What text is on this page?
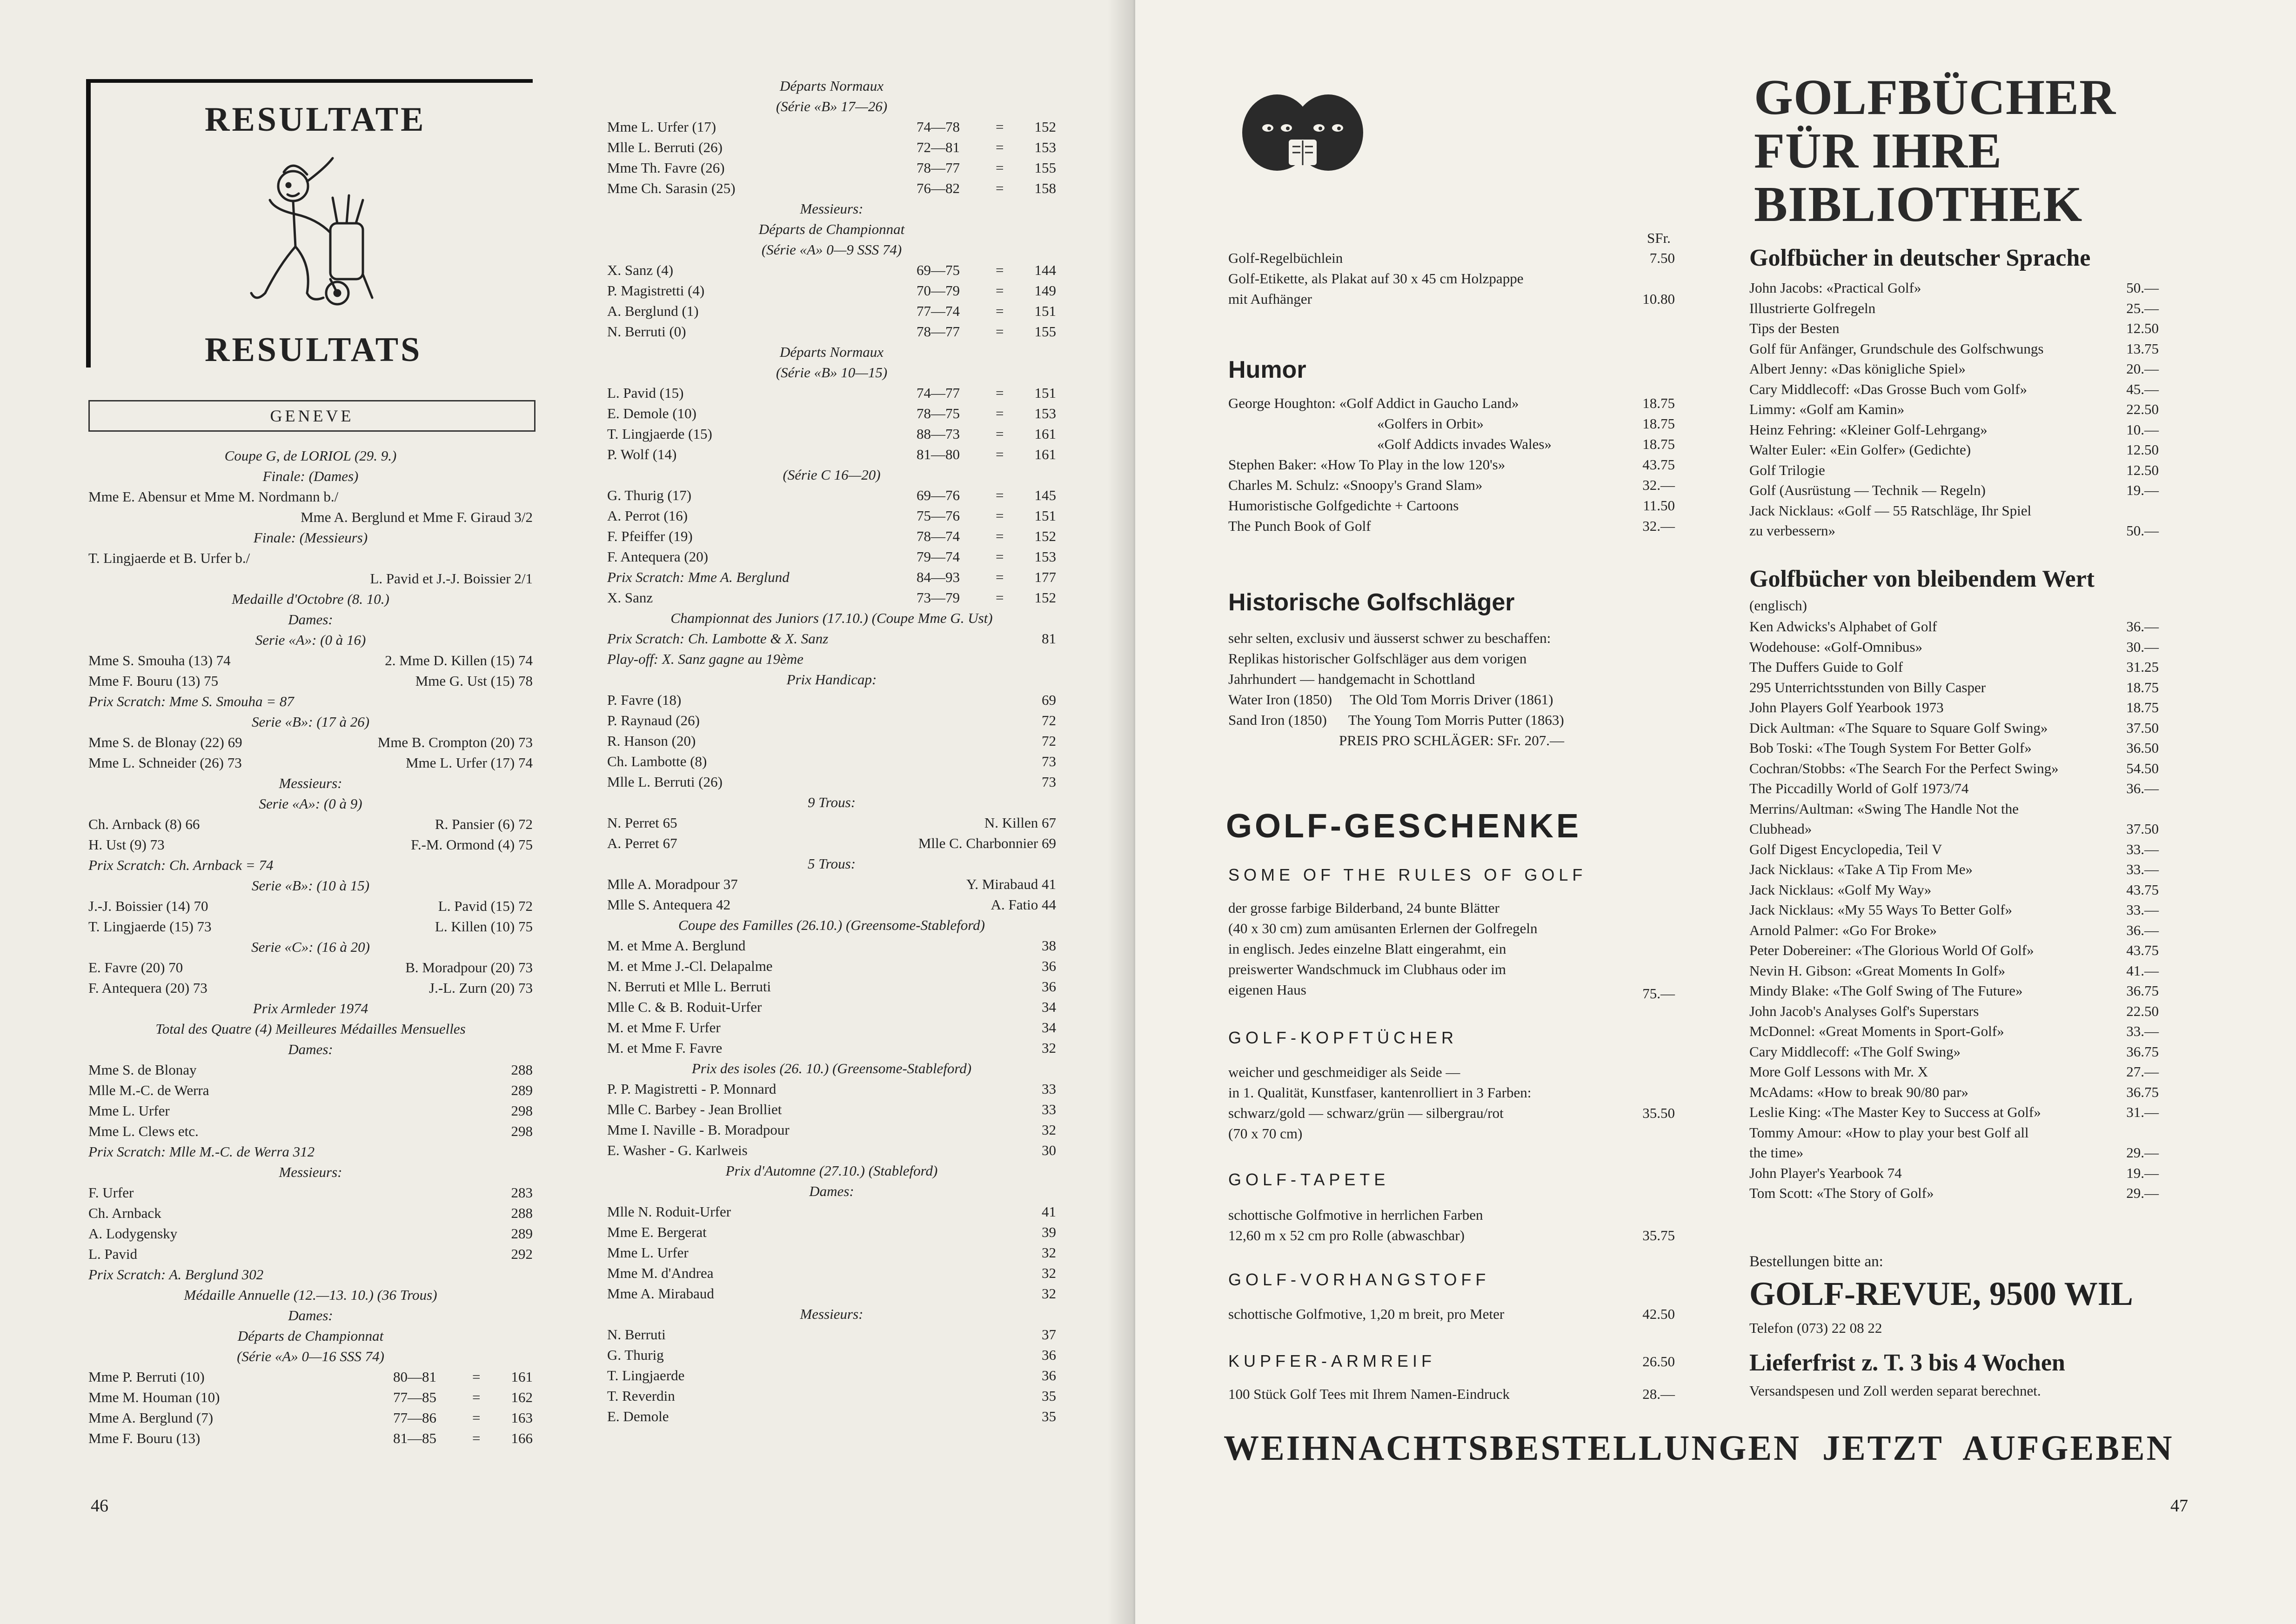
RESULTATE
RESULTATS
GENEVE
Coupe G, de LORIOL (29. 9.)
Finale: (Dames)
Mme E. Abensur et Mme M. Nordmann b./
Mme A. Berglund et Mme F. Giraud 3/2
Finale: (Messieurs)
T. Lingjaerde et B. Urfer b./
L. Pavid et J.-J. Boissier 2/1
Medaille d'Octobre (8. 10.)
Dames:
Serie «A»: (0 à 16)
Mme S. Smouha (13) 74	2. Mme D. Killen (15) 74
Mme F. Bouru (13) 75	Mme G. Ust (15) 78
Prix Scratch: Mme S. Smouha = 87
Serie «B»: (17 à 26)
Mme S. de Blonay (22) 69	Mme B. Crompton (20) 73
Mme L. Schneider (26) 73	Mme L. Urfer (17) 74
Messieurs:
Serie «A»: (0 à 9)
Ch. Arnback (8) 66	R. Pansier (6) 72
H. Ust (9) 73	F.-M. Ormond (4) 75
Prix Scratch: Ch. Arnback = 74
Serie «B»: (10 à 15)
J.-J. Boissier (14) 70	L. Pavid (15) 72
T. Lingjaerde (15) 73	L. Killen (10) 75
Serie «C»: (16 à 20)
E. Favre (20) 70	B. Moradpour (20) 73
F. Antequera (20) 73	J.-L. Zurn (20) 73
Prix Armleder 1974
Total des Quatre (4) Meilleures Médailles Mensuelles
Dames:
Mme S. de Blonay	288
Mlle M.-C. de Werra	289
Mme L. Urfer	298
Mme L. Clews etc.	298
Prix Scratch: Mlle M.-C. de Werra 312
Messieurs:
F. Urfer	283
Ch. Arnback	288
A. Lodygensky	289
L. Pavid	292
Prix Scratch: A. Berglund 302
Médaille Annuelle (12.—13. 10.) (36 Trous)
Dames:
Départs de Championnat
(Série «A» 0—16 SSS 74)
Mme P. Berruti (10)	80—81 = 161
Mme M. Houman (10)	77—85 = 162
Mme A. Berglund (7)	77—86 = 163
Mme F. Bouru (13)	81—85 = 166
Départs Normaux
(Série «B» 17—26)
Mme L. Urfer (17)	74—78 = 152
Mlle L. Berruti (26)	72—81 = 153
Mme Th. Favre (26)	78—77 = 155
Mme Ch. Sarasin (25)	76—82 = 158
Messieurs:
Départs de Championnat
(Série «A» 0—9 SSS 74)
X. Sanz (4)	69—75 = 144
P. Magistretti (4)	70—79 = 149
A. Berglund (1)	77—74 = 151
N. Berruti (0)	78—77 = 155
Départs Normaux
(Série «B» 10—15)
L. Pavid (15)	74—77 = 151
E. Demole (10)	78—75 = 153
T. Lingjaerde (15)	88—73 = 161
P. Wolf (14)	81—80 = 161
(Série C 16—20)
G. Thurig (17)	69—76 = 145
A. Perrot (16)	75—76 = 151
F. Pfeiffer (19)	78—74 = 152
F. Antequera (20)	79—74 = 153
Prix Scratch: Mme A. Berglund	84—93 = 177
X. Sanz	73—79 = 152
Championnat des Juniors (17.10.) (Coupe Mme G. Ust)
Prix Scratch: Ch. Lambotte & X. Sanz	81
Play-off: X. Sanz gagne au 19ème
Prix Handicap:
P. Favre (18)	69
P. Raynaud (26)	72
R. Hanson (20)	72
Ch. Lambotte (8)	73
Mlle L. Berruti (26)	73
9 Trous:
N. Perret 65	N. Killen 67
A. Perret 67	Mlle C. Charbonnier 69
5 Trous:
Mlle A. Moradpour 37	Y. Mirabaud 41
Mlle S. Antequera 42	A. Fatio 44
Coupe des Familles (26.10.) (Greensome-Stableford)
M. et Mme A. Berglund	38
M. et Mme J.-Cl. Delapalme	36
N. Berruti et Mlle L. Berruti	36
Mlle C. & B. Roduit-Urfer	34
M. et Mme F. Urfer	34
M. et Mme F. Favre	32
Prix des isoles (26. 10.) (Greensome-Stableford)
P. P. Magistretti - P. Monnard	33
Mlle C. Barbey - Jean Brolliet	33
Mme I. Naville - B. Moradpour	32
E. Washer - G. Karlweis	30
Prix d'Automne (27.10.) (Stableford)
Dames:
Mlle N. Roduit-Urfer	41
Mme E. Bergerat	39
Mme L. Urfer	32
Mme M. d'Andrea	32
Mme A. Mirabaud	32
Messieurs:
N. Berruti	37
G. Thurig	36
T. Lingjaerde	36
T. Reverdin	35
E. Demole	35
46
SFr.
Golf-Regelbüchlein	7.50
Golf-Etikette, als Plakat auf 30 x 45 cm Holzpappe
mit Aufhänger	10.80
Humor
George Houghton: «Golf Addict in Gaucho Land»	18.75
«Golfers in Orbit»	18.75
«Golf Addicts invades Wales»	18.75
Stephen Baker: «How To Play in the low 120's»	43.75
Charles M. Schulz: «Snoopy's Grand Slam»	32.—
Humoristische Golfgedichte + Cartoons	11.50
The Punch Book of Golf	32.—
Historische Golfschläger
sehr selten, exclusiv und äusserst schwer zu beschaffen:
Replikas historischer Golfschläger aus dem vorigen
Jahrhundert — handgemacht in Schottland
Water Iron (1850)     The Old Tom Morris Driver (1861)
Sand Iron (1850)      The Young Tom Morris Putter (1863)
PREIS PRO SCHLÄGER: SFr. 207.—
GOLF-GESCHENKE
SOME OF THE RULES OF GOLF
der grosse farbige Bilderband, 24 bunte Blätter
(40 x 30 cm) zum amüsanten Erlernen der Golfregeln
in englisch. Jedes einzelne Blatt eingerahmt, ein
preiswerter Wandschmuck im Clubhaus oder im
eigenen Haus	75.—
GOLF-KOPFTÜCHER
weicher und geschmeidiger als Seide —
in 1. Qualität, Kunstfaser, kantenrolliert in 3 Farben:
schwarz/gold — schwarz/grün — silbergrau/rot
(70 x 70 cm)
35.50
GOLF-TAPETE
schottische Golfmotive in herrlichen Farben
12,60 m x 52 cm pro Rolle (abwaschbar)	35.75
GOLF-VORHANGSTOFF
schottische Golfmotive, 1,20 m breit, pro Meter	42.50
KUPFER-ARMREIF	26.50
100 Stück Golf Tees mit Ihrem Namen-Eindruck	28.—
WEIHNACHTSBESTELLUNGEN  JETZT  AUFGEBEN
GOLFBÜCHER
FÜR IHRE
BIBLIOTHEK
Golfbücher in deutscher Sprache
John Jacobs: «Practical Golf»	50.—
Illustrierte Golfregeln	25.—
Tips der Besten	12.50
Golf für Anfänger, Grundschule des Golfschwungs	13.75
Albert Jenny: «Das königliche Spiel»	20.—
Cary Middlecoff: «Das Grosse Buch vom Golf»	45.—
Limmy: «Golf am Kamin»	22.50
Heinz Fehring: «Kleiner Golf-Lehrgang»	10.—
Walter Euler: «Ein Golfer» (Gedichte)	12.50
Golf Trilogie	12.50
Golf (Ausrüstung — Technik — Regeln)	19.—
Jack Nicklaus: «Golf — 55 Ratschläge, Ihr Spiel
zu verbessern»	50.—
Golfbücher von bleibendem Wert
(englisch)
Ken Adwicks's Alphabet of Golf	36.—
Wodehouse: «Golf-Omnibus»	30.—
The Duffers Guide to Golf	31.25
295 Unterrichtsstunden von Billy Casper	18.75
John Players Golf Yearbook 1973	18.75
Dick Aultman: «The Square to Square Golf Swing»	37.50
Bob Toski: «The Tough System For Better Golf»	36.50
Cochran/Stobbs: «The Search For the Perfect Swing»	54.50
The Piccadilly World of Golf 1973/74	36.—
Merrins/Aultman: «Swing The Handle Not the
Clubhead»	37.50
Golf Digest Encyclopedia, Teil V	33.—
Jack Nicklaus: «Take A Tip From Me»	33.—
Jack Nicklaus: «Golf My Way»	43.75
Jack Nicklaus: «My 55 Ways To Better Golf»	33.—
Arnold Palmer: «Go For Broke»	36.—
Peter Dobereiner: «The Glorious World Of Golf»	43.75
Nevin H. Gibson: «Great Moments In Golf»	41.—
Mindy Blake: «The Golf Swing of The Future»	36.75
John Jacob's Analyses Golf's Superstars	22.50
McDonnel: «Great Moments in Sport-Golf»	33.—
Cary Middlecoff: «The Golf Swing»	36.75
More Golf Lessons with Mr. X	27.—
McAdams: «How to break 90/80 par»	36.75
Leslie King: «The Master Key to Success at Golf»	31.—
Tommy Amour: «How to play your best Golf all
the time»	29.—
John Player's Yearbook 74	19.—
Tom Scott: «The Story of Golf»	29.—
Bestellungen bitte an:
GOLF-REVUE, 9500 WIL
Telefon (073) 22 08 22
Lieferfrist z. T. 3 bis 4 Wochen
Versandspesen und Zoll werden separat berechnet.
47
